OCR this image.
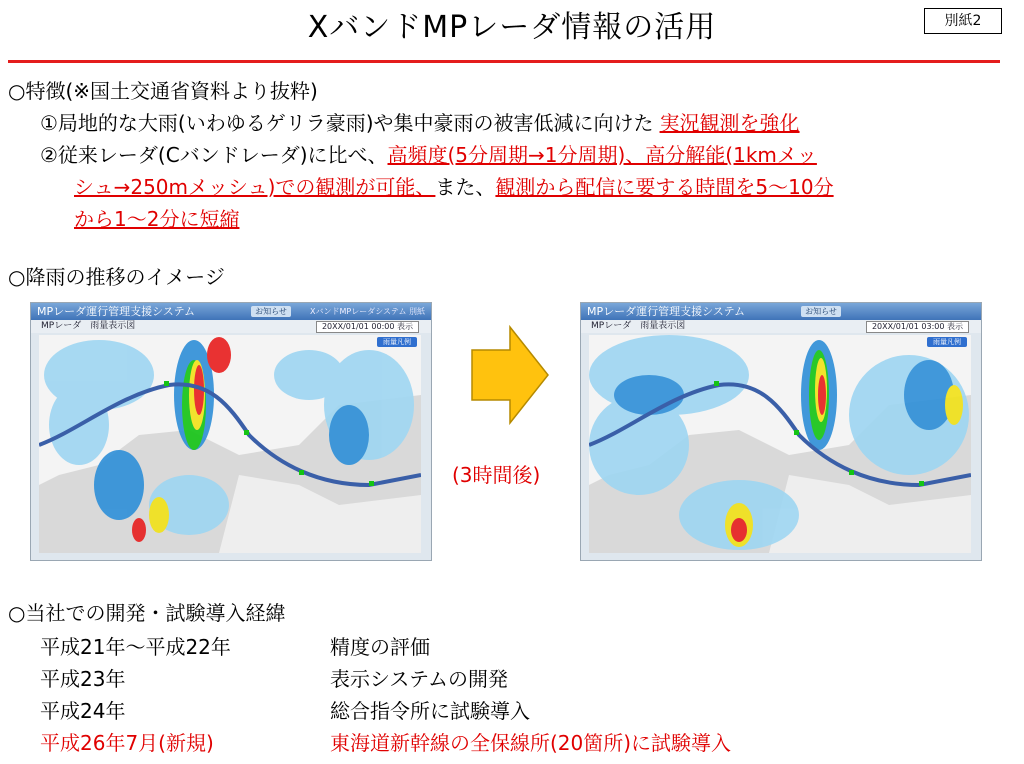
XバンドMPレーダ情報の活用	別紙2
○特徴(※国土交通省資料より抜粋)
①局地的な大雨(いわゆるゲリラ豪雨)や集中豪雨の被害低減に向けた 実況観測を強化
②従来レーダ(Cバンドレーダ)に比べ、高頻度(5分周期→1分周期)、高分解能(1kmメッ
シュ→250mメッシュ)での観測が可能、また、観測から配信に要する時間を5～10分
から1～2分に短縮
○降雨の推移のイメージ
MPレーダ運行管理支援システム	お知らせ	XバンドMPレーダシステム 別紙
MPレーダ　雨量表示図	20XX/01/01 00:00 表示
雨量凡例
(3時間後)
MPレーダ運行管理支援システム	お知らせ
MPレーダ　雨量表示図	20XX/01/01 03:00 表示
雨量凡例
○当社での開発・試験導入経緯
平成21年～平成22年	精度の評価
平成23年	表示システムの開発
平成24年	総合指令所に試験導入
平成26年7月(新規)	東海道新幹線の全保線所(20箇所)に試験導入
